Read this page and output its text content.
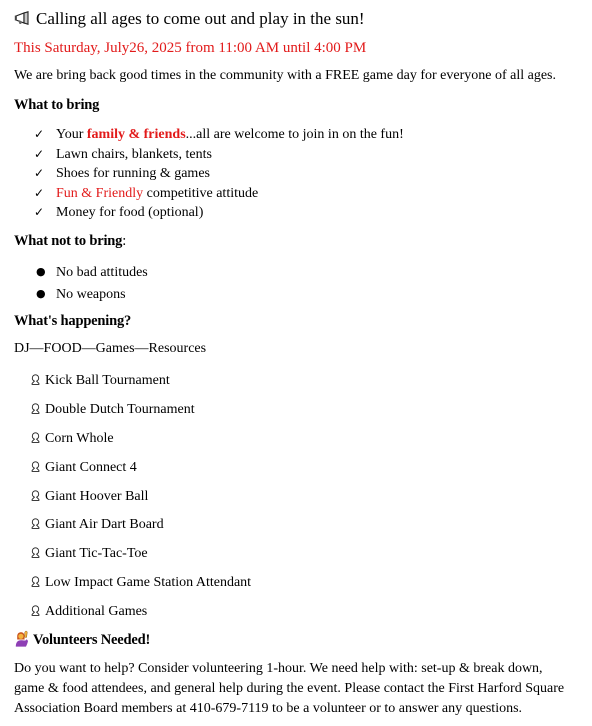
Calling all ages to come out and play in the sun!
This Saturday, July26, 2025 from 11:00 AM until 4:00 PM
We are bring back good times in the community with a FREE game day for everyone of all ages.
What to bring
✓ Your family & friends...all are welcome to join in on the fun!
✓ Lawn chairs, blankets, tents
✓ Shoes for running & games
✓ Fun & Friendly competitive attitude
✓ Money for food (optional)
What not to bring:
● No bad attitudes
● No weapons
What's happening?
DJ—FOOD—Games—Resources
Kick Ball Tournament
Double Dutch Tournament
Corn Whole
Giant Connect 4
Giant Hoover Ball
Giant Air Dart Board
Giant Tic-Tac-Toe
Low Impact Game Station Attendant
Additional Games
Volunteers Needed!

Do you want to help? Consider volunteering 1-hour. We need help with: set-up & break down,
game & food attendees, and general help during the event. Please contact the First Harford Square
Association Board members at 410-679-7119 to be a volunteer or to answer any questions.
